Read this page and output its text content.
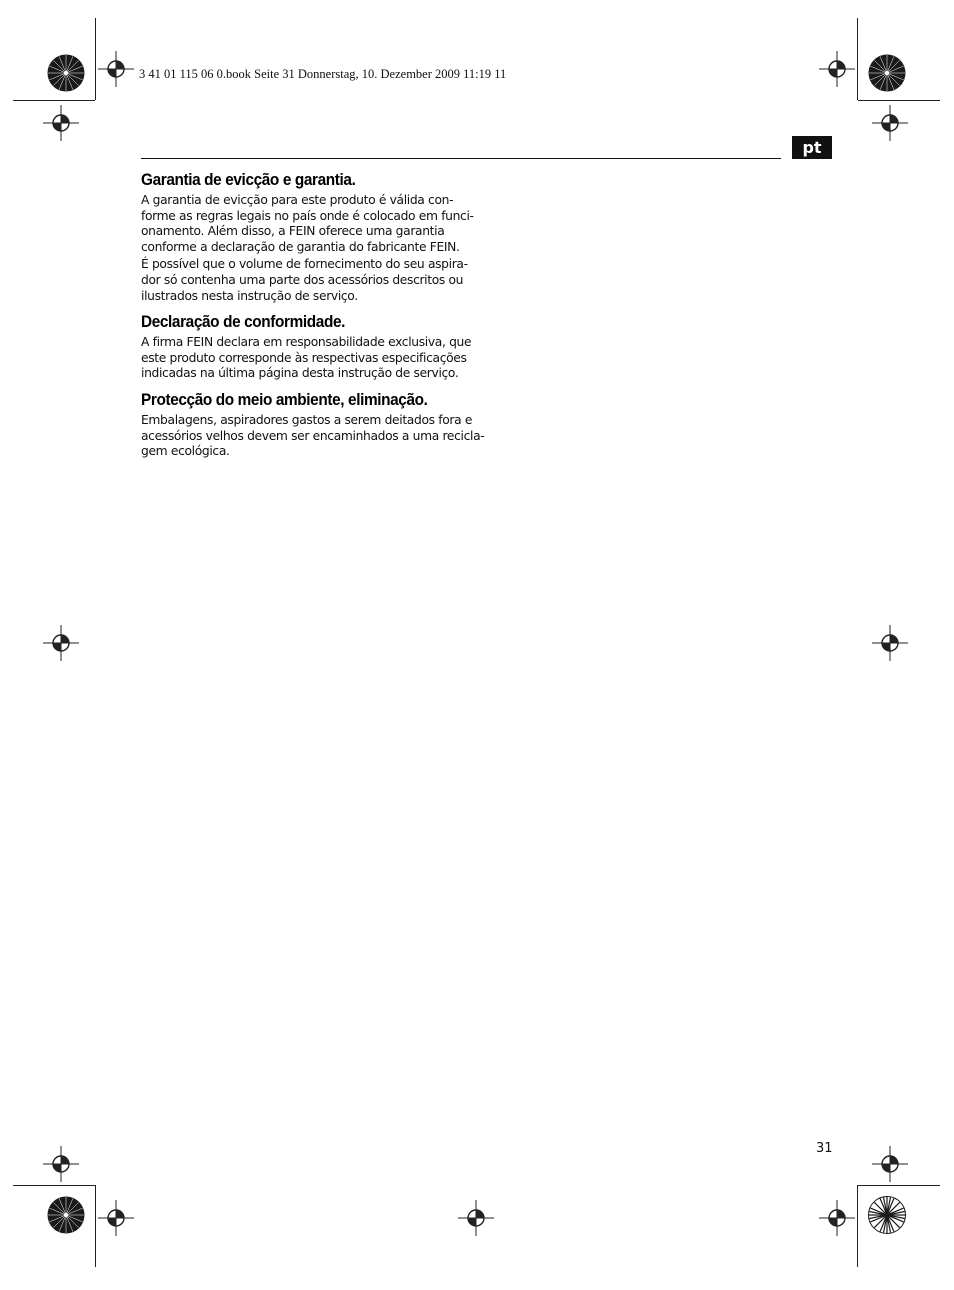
3 41 01 115 06 0.book Seite 31 Donnerstag, 10. Dezember 2009 11:19 11
pt
Garantia de evicção e garantia.

A garantia de evicção para este produto é válida con-
forme as regras legais no país onde é colocado em funci-
onamento. Além disso, a FEIN oferece uma garantia
conforme a declaração de garantia do fabricante FEIN.

É possível que o volume de fornecimento do seu aspira-
dor só contenha uma parte dos acessórios descritos ou
ilustrados nesta instrução de serviço.

Declaração de conformidade.

A firma FEIN declara em responsabilidade exclusiva, que
este produto corresponde às respectivas especificações
indicadas na última página desta instrução de serviço.

Protecção do meio ambiente, eliminação.

Embalagens, aspiradores gastos a serem deitados fora e
acessórios velhos devem ser encaminhados a uma recicla-
gem ecológica.

31
